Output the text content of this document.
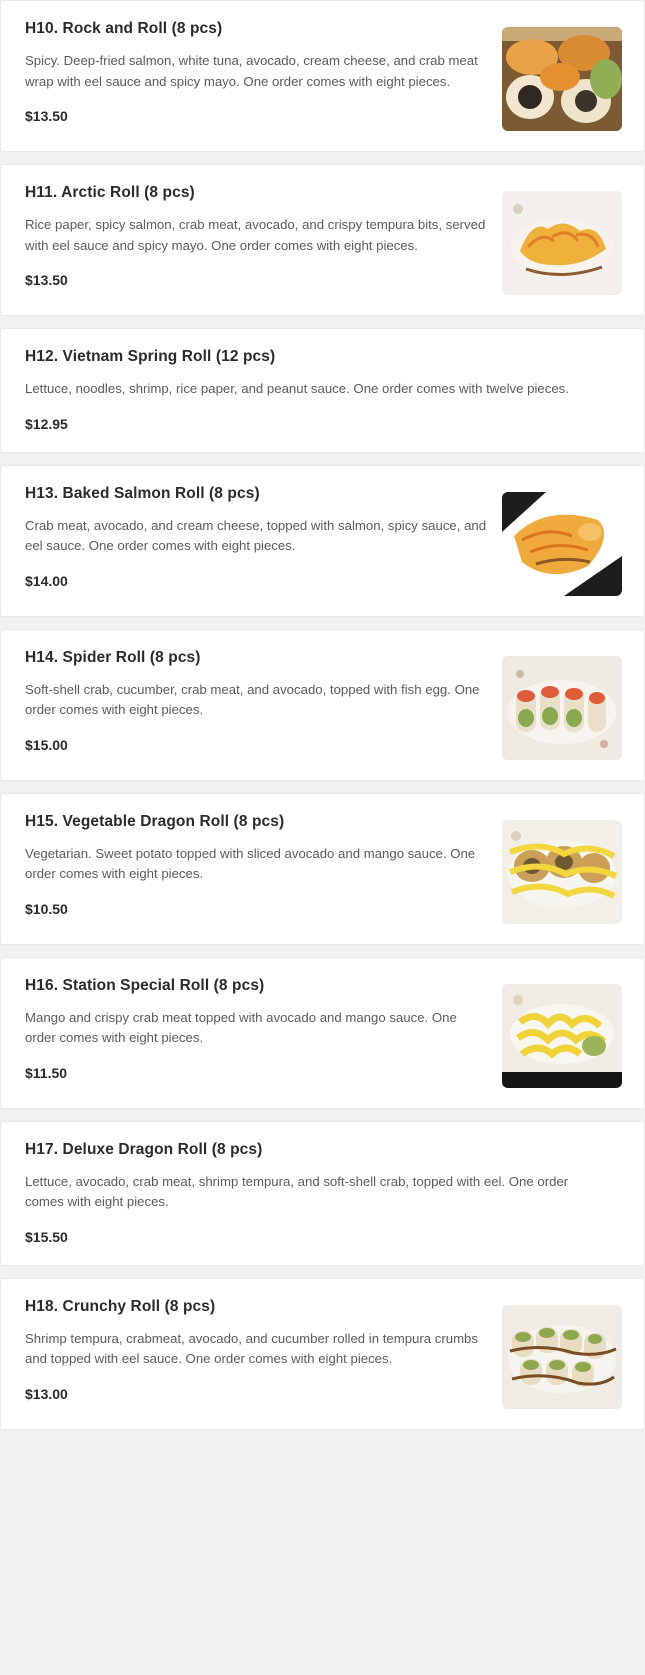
H10. Rock and Roll (8 pcs)
Spicy. Deep-fried salmon, white tuna, avocado, cream cheese, and crab meat wrap with eel sauce and spicy mayo. One order comes with eight pieces.
$13.50
H11. Arctic Roll (8 pcs)
Rice paper, spicy salmon, crab meat, avocado, and crispy tempura bits, served with eel sauce and spicy mayo. One order comes with eight pieces.
$13.50
H12. Vietnam Spring Roll (12 pcs)
Lettuce, noodles, shrimp, rice paper, and peanut sauce. One order comes with twelve pieces.
$12.95
H13. Baked Salmon Roll (8 pcs)
Crab meat, avocado, and cream cheese, topped with salmon, spicy sauce, and eel sauce. One order comes with eight pieces.
$14.00
H14. Spider Roll (8 pcs)
Soft-shell crab, cucumber, crab meat, and avocado, topped with fish egg. One order comes with eight pieces.
$15.00
H15. Vegetable Dragon Roll (8 pcs)
Vegetarian. Sweet potato topped with sliced avocado and mango sauce. One order comes with eight pieces.
$10.50
H16. Station Special Roll (8 pcs)
Mango and crispy crab meat topped with avocado and mango sauce. One order comes with eight pieces.
$11.50
H17. Deluxe Dragon Roll (8 pcs)
Lettuce, avocado, crab meat, shrimp tempura, and soft-shell crab, topped with eel. One order comes with eight pieces.
$15.50
H18. Crunchy Roll (8 pcs)
Shrimp tempura, crabmeat, avocado, and cucumber rolled in tempura crumbs and topped with eel sauce. One order comes with eight pieces.
$13.00
